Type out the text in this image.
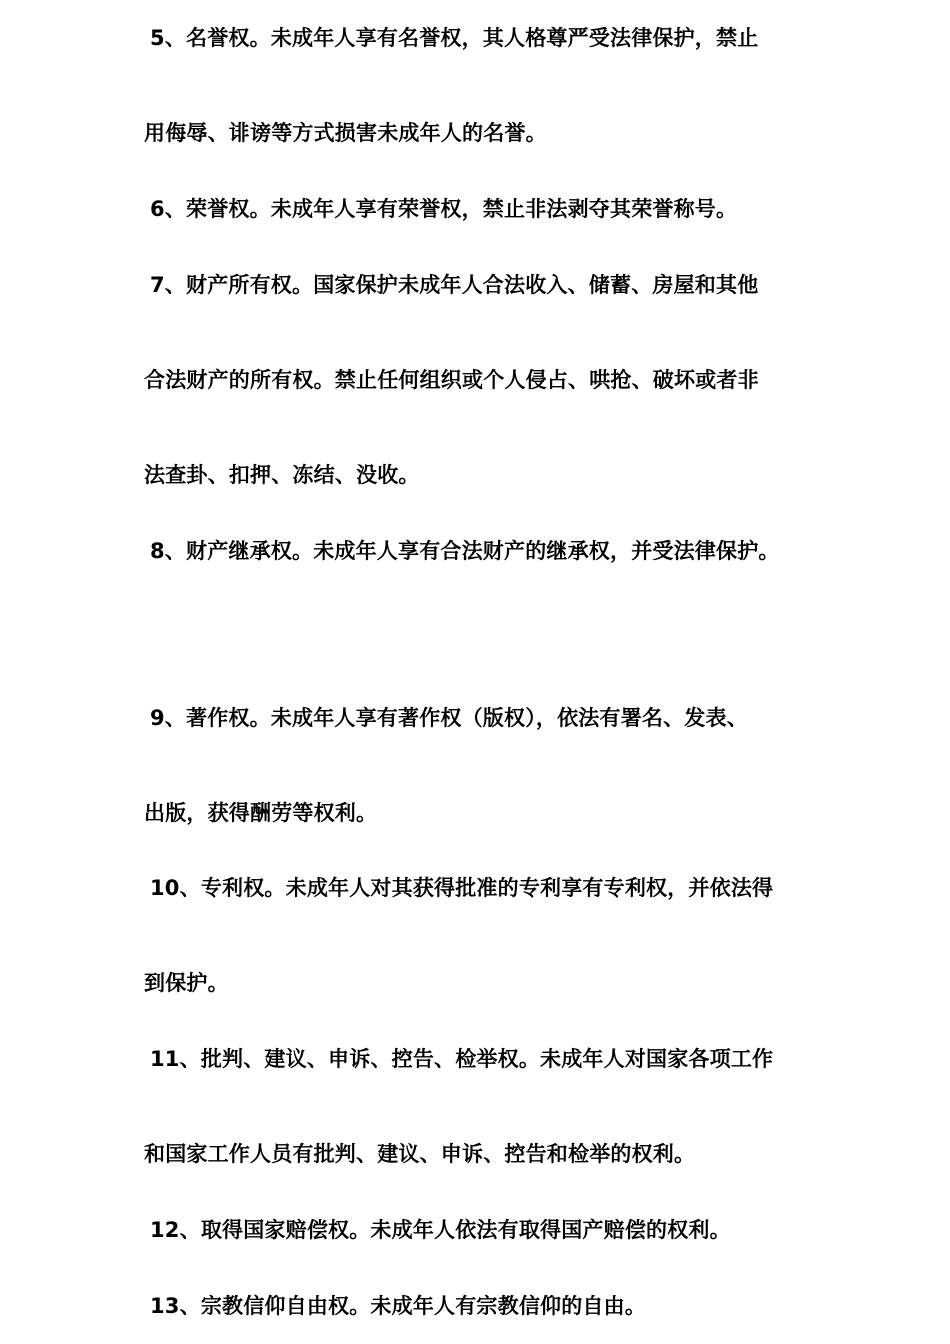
5、名誉权。未成年人享有名誉权，其人格尊严受法律保护，禁止
用侮辱、诽谤等方式损害未成年人的名誉。
6、荣誉权。未成年人享有荣誉权，禁止非法剥夺其荣誉称号。
7、财产所有权。国家保护未成年人合法收入、储蓄、房屋和其他
合法财产的所有权。禁止任何组织或个人侵占、哄抢、破坏或者非
法查卦、扣押、冻结、没收。
8、财产继承权。未成年人享有合法财产的继承权，并受法律保护。
9、著作权。未成年人享有著作权（版权），依法有署名、发表、
出版，获得酬劳等权利。
10、专利权。未成年人对其获得批准的专利享有专利权，并依法得
到保护。
11、批判、建议、申诉、控告、检举权。未成年人对国家各项工作
和国家工作人员有批判、建议、申诉、控告和检举的权利。
12、取得国家赔偿权。未成年人依法有取得国产赔偿的权利。
13、宗教信仰自由权。未成年人有宗教信仰的自由。
